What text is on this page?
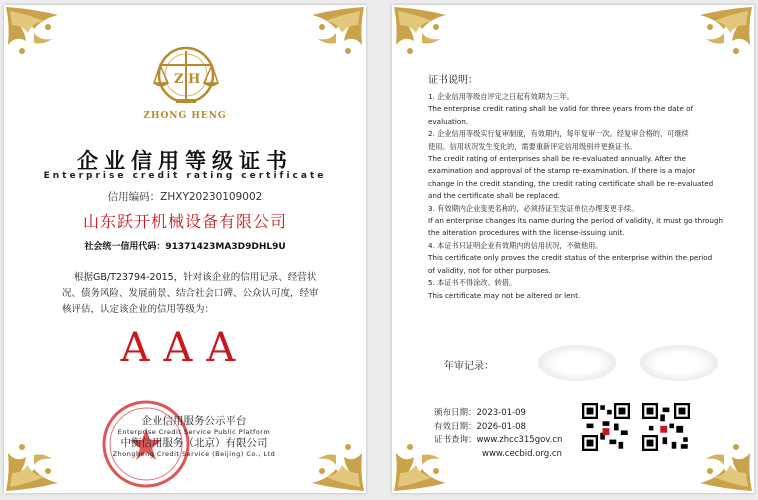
Z H
ZHONG HENG
企业信用等级证书
Enterprise credit rating certificate
信用编码：ZHXY20230109002
山东跃开机械设备有限公司
社会统一信用代码：91371423MA3D9DHL9U
根据GB/T23794-2015，针对该企业的信用记录、经营状况、债务风险、发展前景、结合社会口碑、公众认可度，经审核评估，认定该企业的信用等级为：
AAA
企业信用服务公示平台
Enterprise Credit Service Public Platform
中衡信用服务（北京）有限公司
Zhongheng Credit Service (Beijing) Co., Ltd
证书说明：
1. 企业信用等级自评定之日起有效期为三年。
The enterprise credit rating shall be valid for three years from the date of
evaluation.
2. 企业信用等级实行复审制度，有效期内，每年复审一次。经复审合格的，可继续
使用。信用状况发生变化的，需要重新评定信用级别并更换证书。
The credit rating of enterprises shall be re-evaluated annually. After the
examination and approval of the stamp re-examination. If there is a major
change in the credit standing, the credit rating certificate shall be re-evaluated
and the certificate shall be replaced.
3. 有效期内企业变更名称的，必须持证至发证单位办理变更手续。
If an enterprise changes its name during the period of validity, it must go through
the alteration procedures with the license-issuing unit.
4. 本证书只证明企业有效期内的信用状况，不做他用。
This certificate only proves the credit status of the enterprise within the period
of validity, not for other purposes.
5. 本证书不得涂改、转借。
This certificate may not be altered or lent.
年审记录：
颁布日期：2023-01-09
有效日期：2026-01-08
证书查询：www.zhcc315gov.cn
www.cecbid.org.cn
